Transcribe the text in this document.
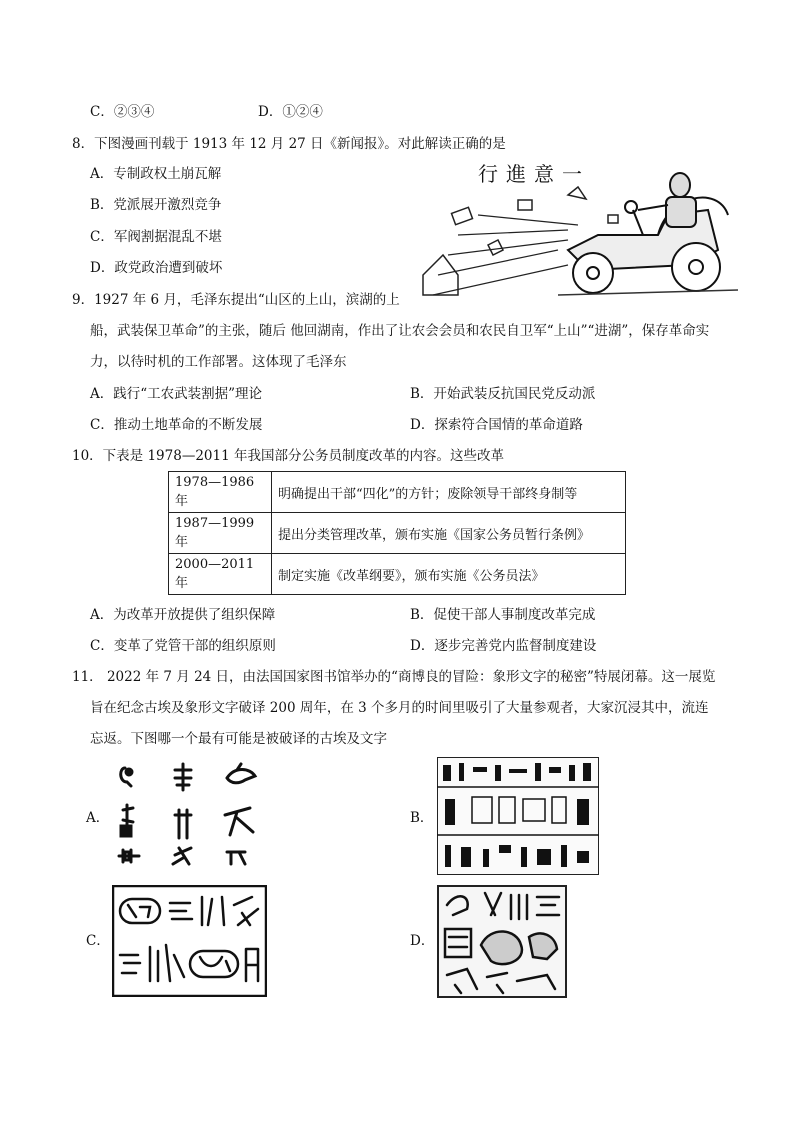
C．②③④	D．①②④
8．下图漫画刊载于 1913 年 12 月 27 日《新闻报》。对此解读正确的是
A．专制政权土崩瓦解
B．党派展开激烈竞争
C．军阀割据混乱不堪
D．政党政治遭到破坏
行進意一
9．1927 年 6 月，毛泽东提出“山区的上山，滨湖的上
船，武装保卫革命”的主张，随后 他回湖南，作出了让农会会员和农民自卫军“上山”“进湖”，保存革命实
力，以待时机的工作部署。这体现了毛泽东
A．践行“工农武装割据”理论	B．开始武装反抗国民党反动派
C．推动土地革命的不断发展	D．探索符合国情的革命道路
10．下表是 1978—2011 年我国部分公务员制度改革的内容。这些改革
1978—1986 年	明确提出干部“四化”的方针；废除领导干部终身制等
1987—1999 年	提出分类管理改革，颁布实施《国家公务员暂行条例》
2000—2011 年	制定实施《改革纲要》，颁布实施《公务员法》
A．为改革开放提供了组织保障	B．促使干部人事制度改革完成
C．变革了党管干部的组织原则	D．逐步完善党内监督制度建设
11． 2022 年 7 月 24 日，由法国国家图书馆举办的“商博良的冒险：象形文字的秘密”特展闭幕。这一展览
旨在纪念古埃及象形文字破译 200 周年，在 3 个多月的时间里吸引了大量参观者，大家沉浸其中，流连
忘返。下图哪一个最有可能是被破译的古埃及文字
A．	B．
C．	D．
